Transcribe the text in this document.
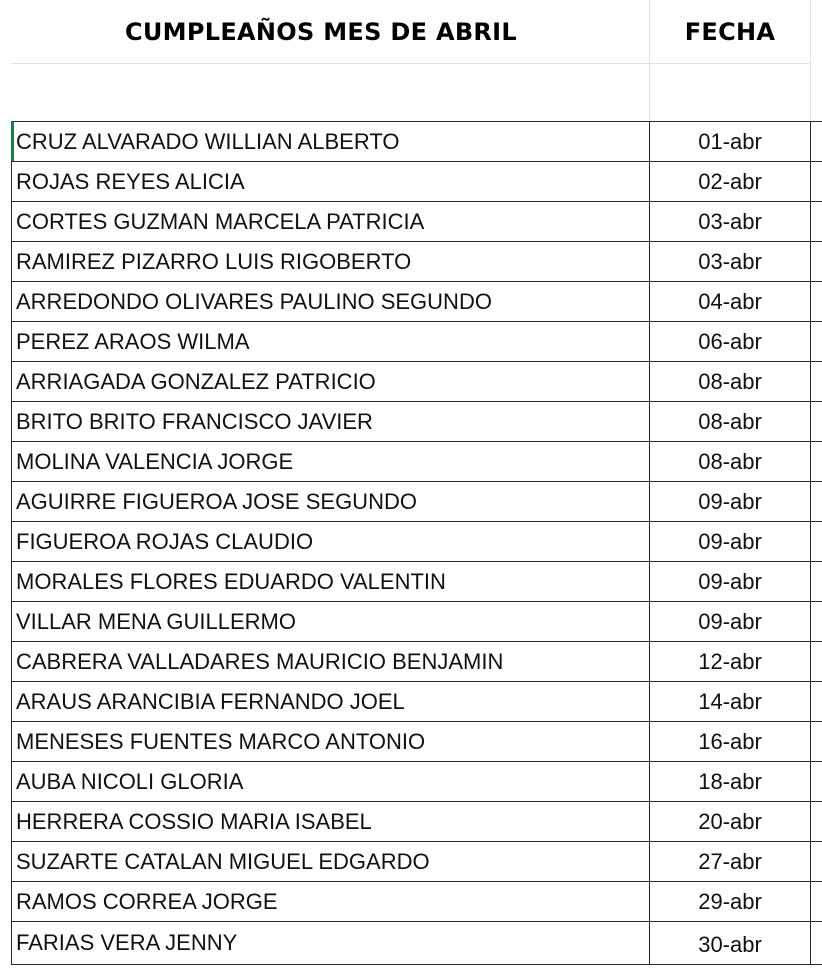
CUMPLEAÑOS MES DE ABRIL	FECHA
CRUZ ALVARADO WILLIAN ALBERTO	01-abr
ROJAS REYES ALICIA	02-abr
CORTES GUZMAN MARCELA PATRICIA	03-abr
RAMIREZ PIZARRO LUIS RIGOBERTO	03-abr
ARREDONDO OLIVARES PAULINO SEGUNDO	04-abr
PEREZ ARAOS WILMA	06-abr
ARRIAGADA GONZALEZ PATRICIO	08-abr
BRITO BRITO FRANCISCO JAVIER	08-abr
MOLINA VALENCIA JORGE	08-abr
AGUIRRE FIGUEROA JOSE SEGUNDO	09-abr
FIGUEROA ROJAS CLAUDIO	09-abr
MORALES FLORES EDUARDO VALENTIN	09-abr
VILLAR MENA GUILLERMO	09-abr
CABRERA VALLADARES MAURICIO BENJAMIN	12-abr
ARAUS ARANCIBIA FERNANDO JOEL	14-abr
MENESES FUENTES MARCO ANTONIO	16-abr
AUBA NICOLI GLORIA	18-abr
HERRERA COSSIO MARIA ISABEL	20-abr
SUZARTE CATALAN MIGUEL EDGARDO	27-abr
RAMOS CORREA JORGE	29-abr
FARIAS VERA JENNY	30-abr
